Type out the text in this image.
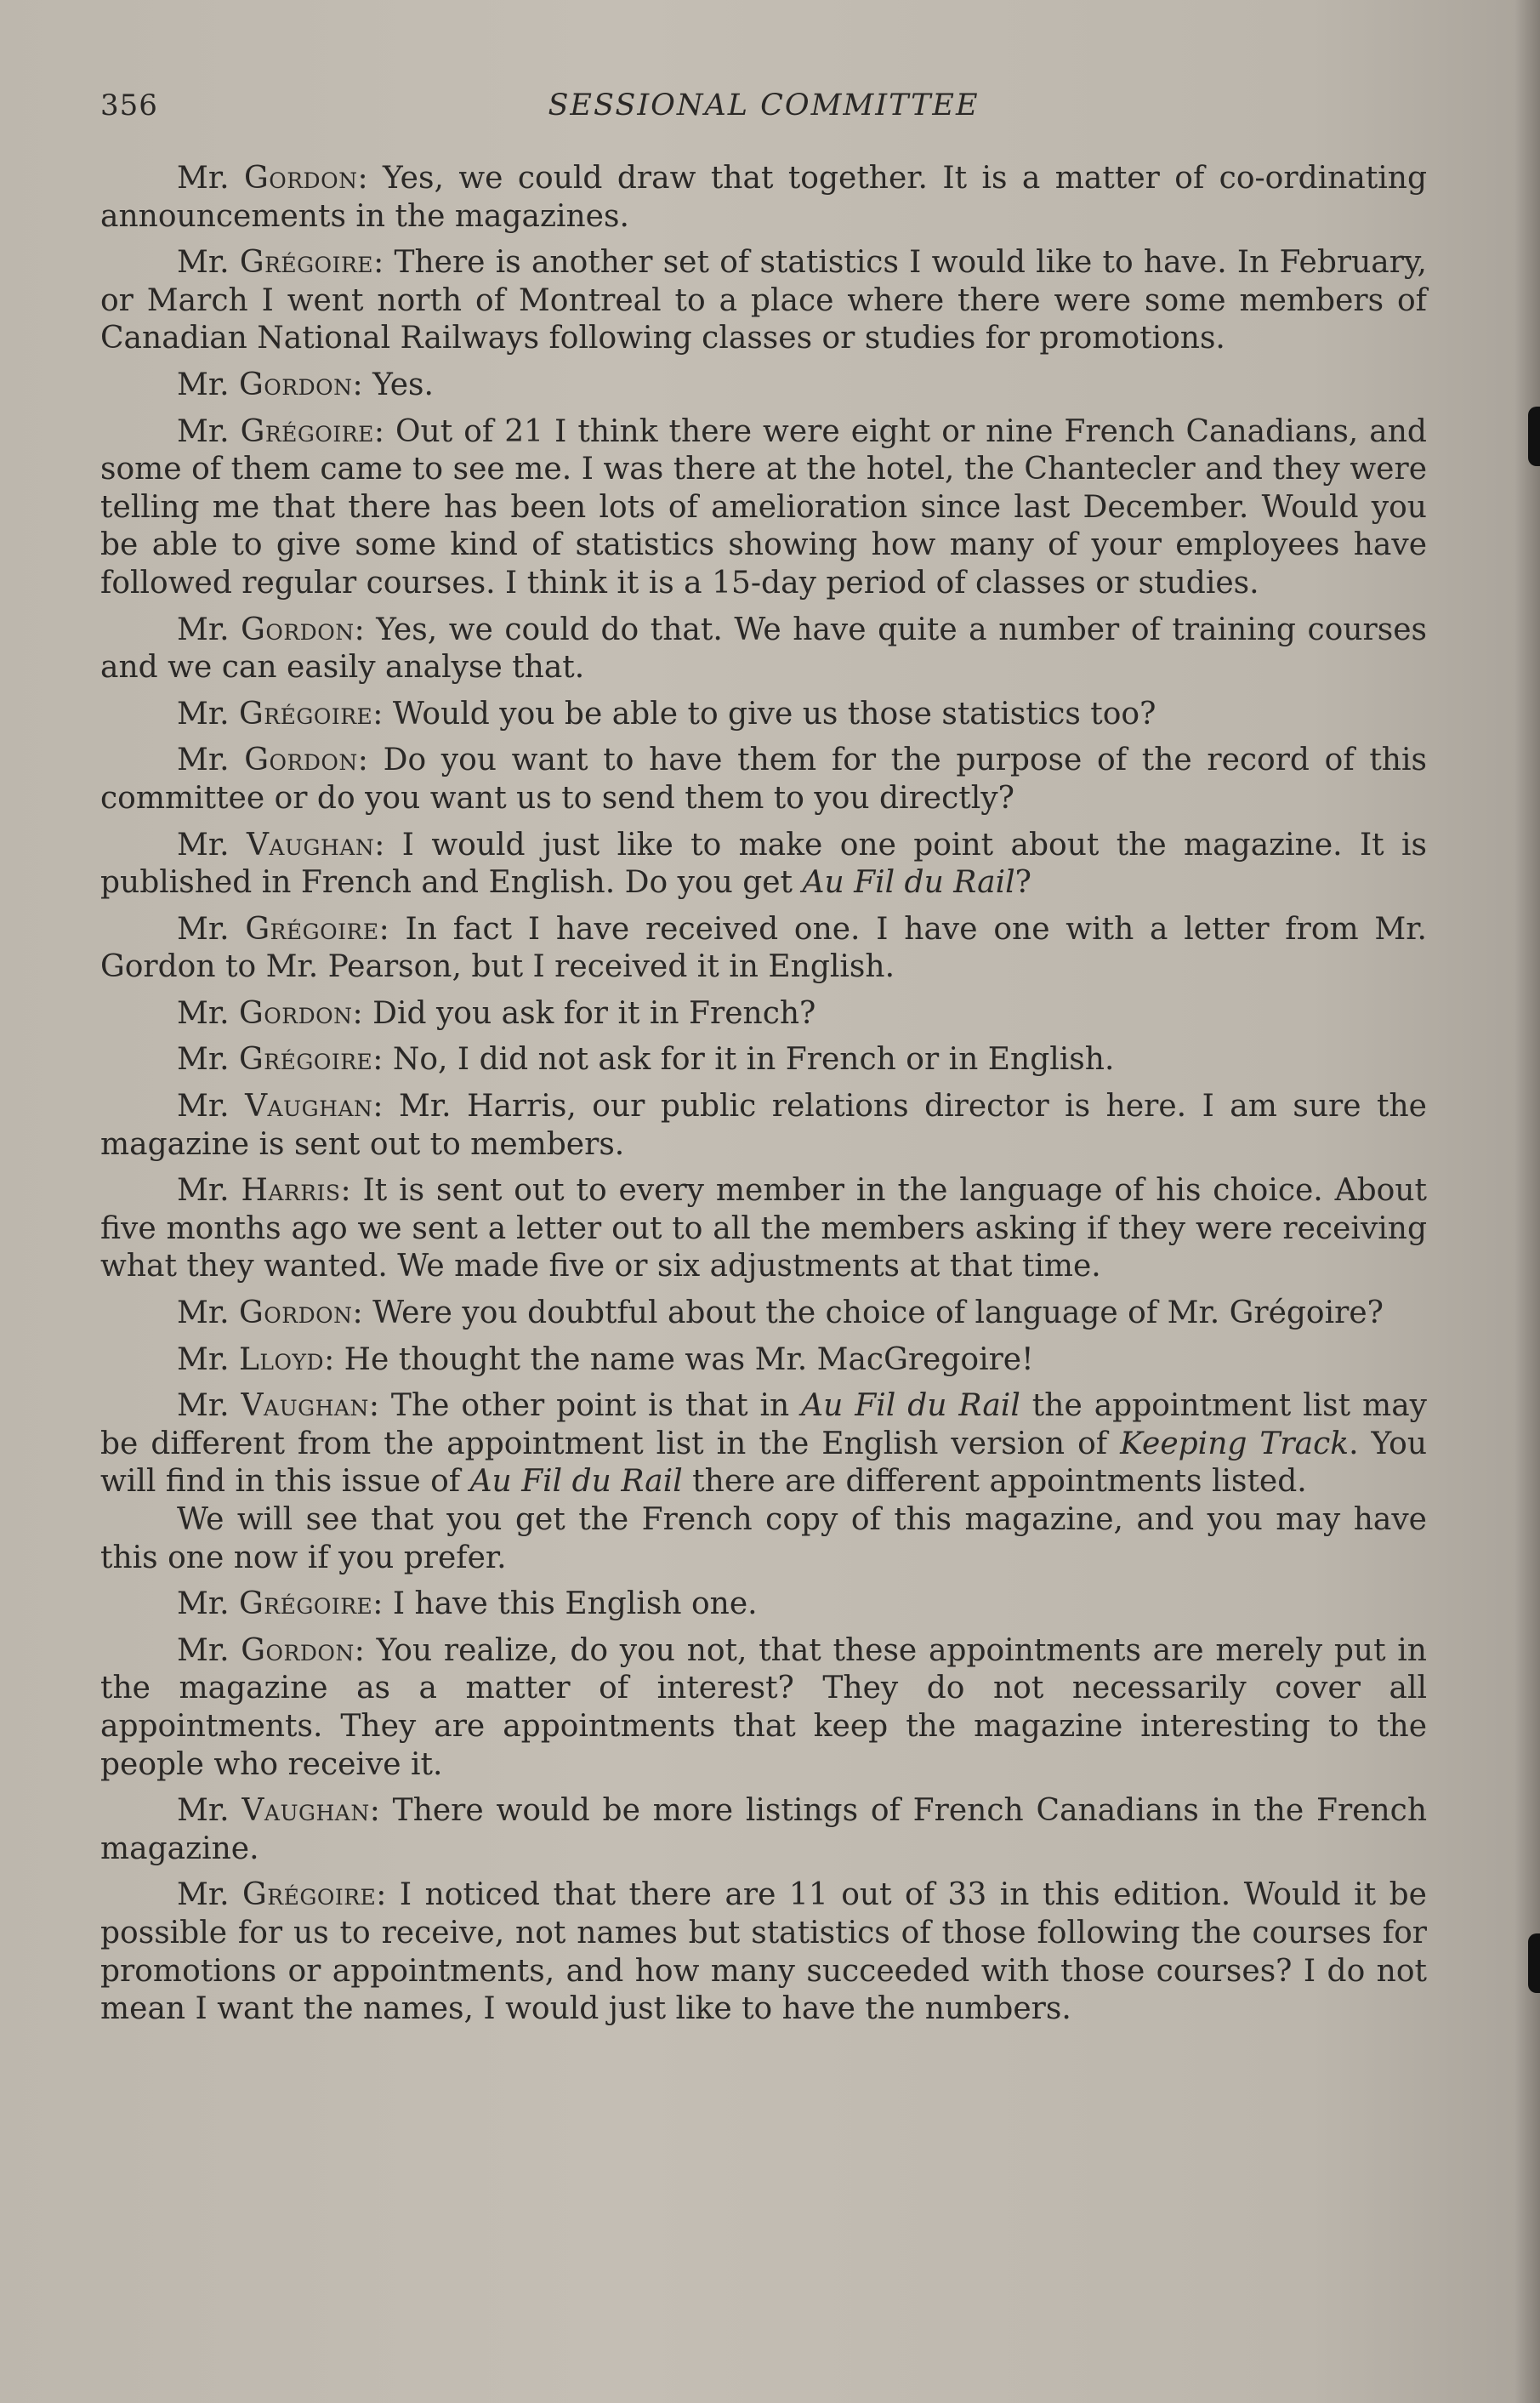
356	SESSIONAL COMMITTEE

Mr. Gordon: Yes, we could draw that together. It is a matter of co-ordinating announcements in the magazines.

Mr. Grégoire: There is another set of statistics I would like to have. In February, or March I went north of Montreal to a place where there were some members of Canadian National Railways following classes or studies for promotions.

Mr. Gordon: Yes.

Mr. Grégoire: Out of 21 I think there were eight or nine French Canadians, and some of them came to see me. I was there at the hotel, the Chantecler and they were telling me that there has been lots of amelioration since last December. Would you be able to give some kind of statistics showing how many of your employees have followed regular courses. I think it is a 15-day period of classes or studies.

Mr. Gordon: Yes, we could do that. We have quite a number of training courses and we can easily analyse that.

Mr. Grégoire: Would you be able to give us those statistics too?

Mr. Gordon: Do you want to have them for the purpose of the record of this committee or do you want us to send them to you directly?

Mr. Vaughan: I would just like to make one point about the magazine. It is published in French and English. Do you get Au Fil du Rail?

Mr. Grégoire: In fact I have received one. I have one with a letter from Mr. Gordon to Mr. Pearson, but I received it in English.

Mr. Gordon: Did you ask for it in French?

Mr. Grégoire: No, I did not ask for it in French or in English.

Mr. Vaughan: Mr. Harris, our public relations director is here. I am sure the magazine is sent out to members.

Mr. Harris: It is sent out to every member in the language of his choice. About five months ago we sent a letter out to all the members asking if they were receiving what they wanted. We made five or six adjustments at that time.

Mr. Gordon: Were you doubtful about the choice of language of Mr. Grégoire?

Mr. Lloyd: He thought the name was Mr. MacGregoire!

Mr. Vaughan: The other point is that in Au Fil du Rail the appointment list may be different from the appointment list in the English version of Keeping Track. You will find in this issue of Au Fil du Rail there are different appointments listed.

We will see that you get the French copy of this magazine, and you may have this one now if you prefer.

Mr. Grégoire: I have this English one.

Mr. Gordon: You realize, do you not, that these appointments are merely put in the magazine as a matter of interest? They do not necessarily cover all appointments. They are appointments that keep the magazine interesting to the people who receive it.

Mr. Vaughan: There would be more listings of French Canadians in the French magazine.

Mr. Grégoire: I noticed that there are 11 out of 33 in this edition. Would it be possible for us to receive, not names but statistics of those following the courses for promotions or appointments, and how many succeeded with those courses? I do not mean I want the names, I would just like to have the numbers.
